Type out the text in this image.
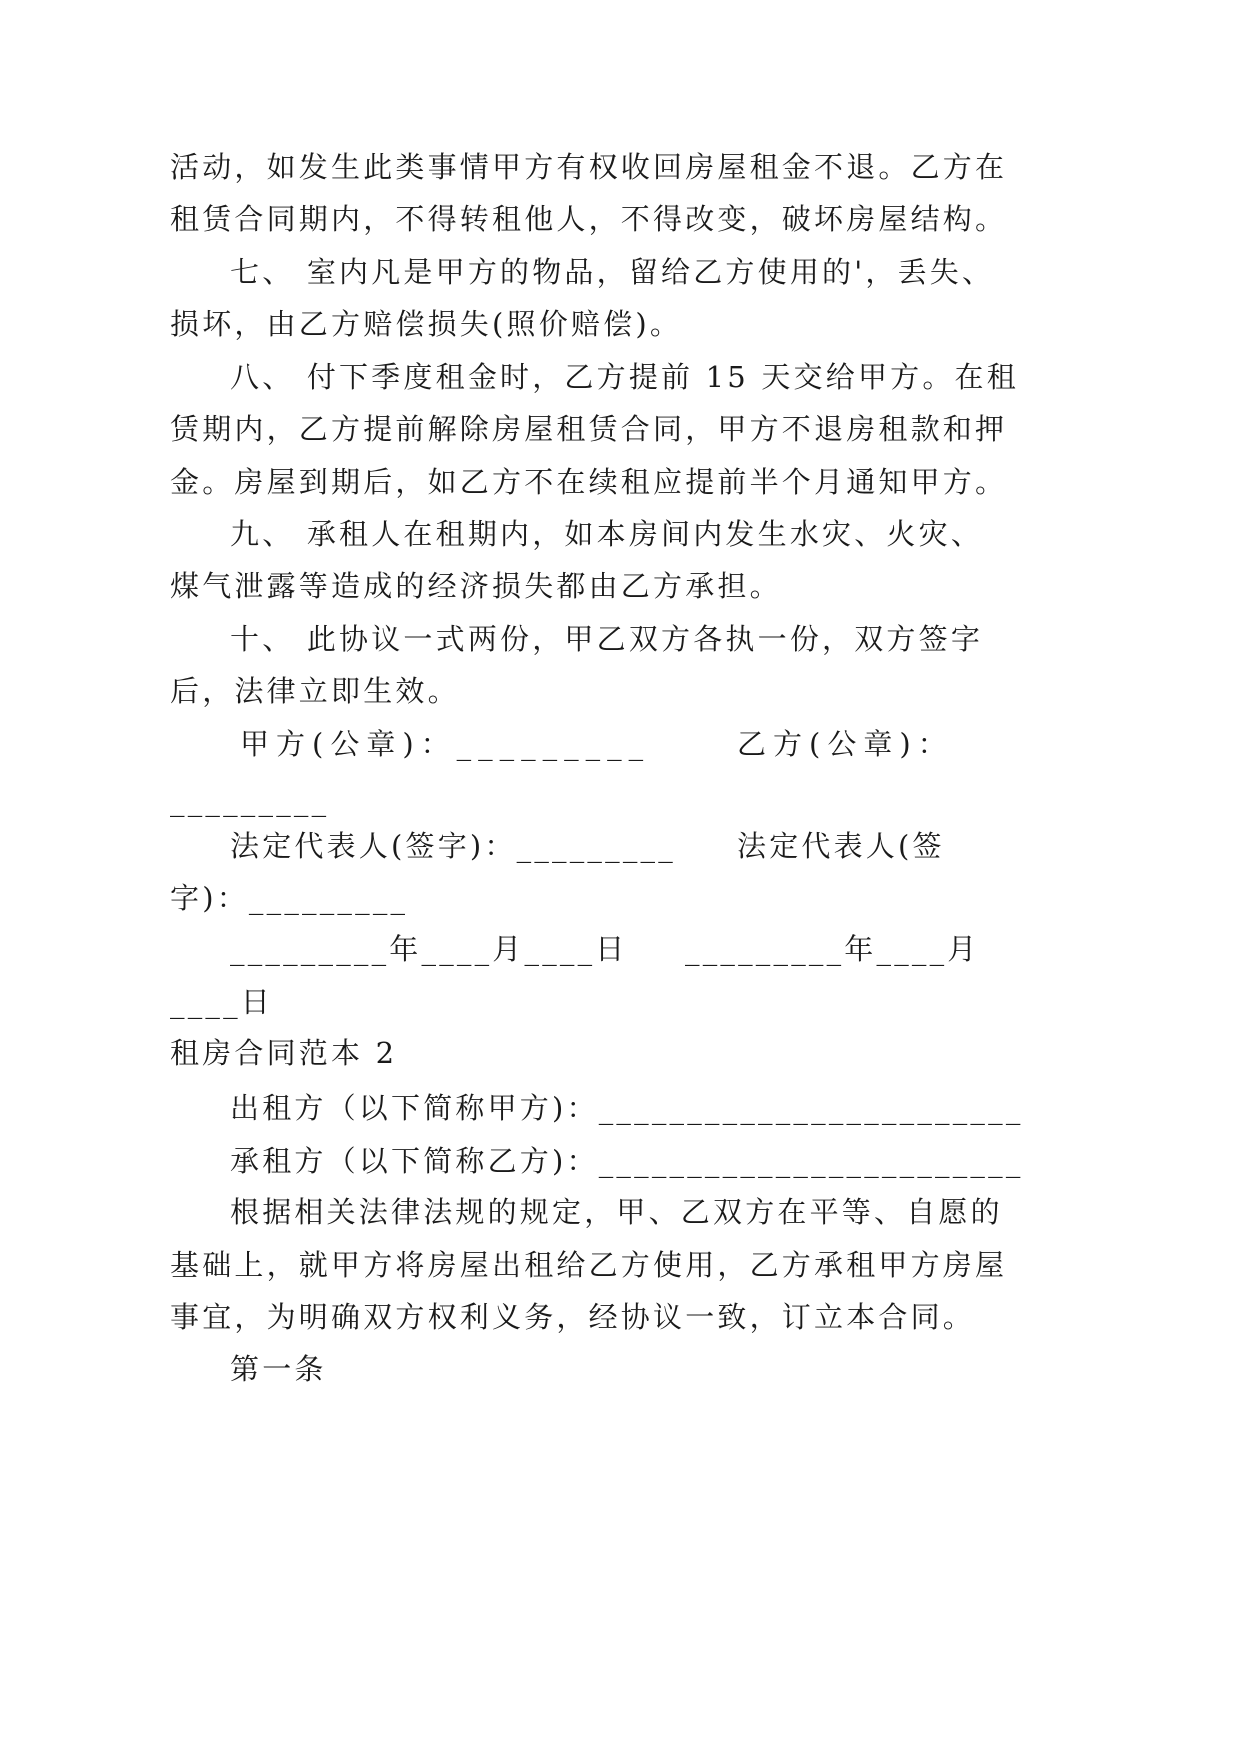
活动，如发生此类事情甲方有权收回房屋租金不退。乙方在
租赁合同期内，不得转租他人，不得改变，破坏房屋结构。
七、 室内凡是甲方的物品，留给乙方使用的'，丢失、
损坏，由乙方赔偿损失(照价赔偿)。
八、 付下季度租金时，乙方提前 15 天交给甲方。在租
赁期内，乙方提前解除房屋租赁合同，甲方不退房租款和押
金。房屋到期后，如乙方不在续租应提前半个月通知甲方。
九、 承租人在租期内，如本房间内发生水灾、火灾、
煤气泄露等造成的经济损失都由乙方承担。
十、 此协议一式两份，甲乙双方各执一份，双方签字
后，法律立即生效。
甲方(公章)：_________	乙方(公章)：
_________
法定代表人(签字)：_________ 法定代表人(签
字)：_________
_________年____月____日 _________年____月
____日
租房合同范本 2
出租方（以下简称甲方)：________________________
承租方（以下简称乙方)：________________________
根据相关法律法规的规定，甲、乙双方在平等、自愿的
基础上，就甲方将房屋出租给乙方使用，乙方承租甲方房屋
事宜，为明确双方权利义务，经协议一致，订立本合同。
第一条
